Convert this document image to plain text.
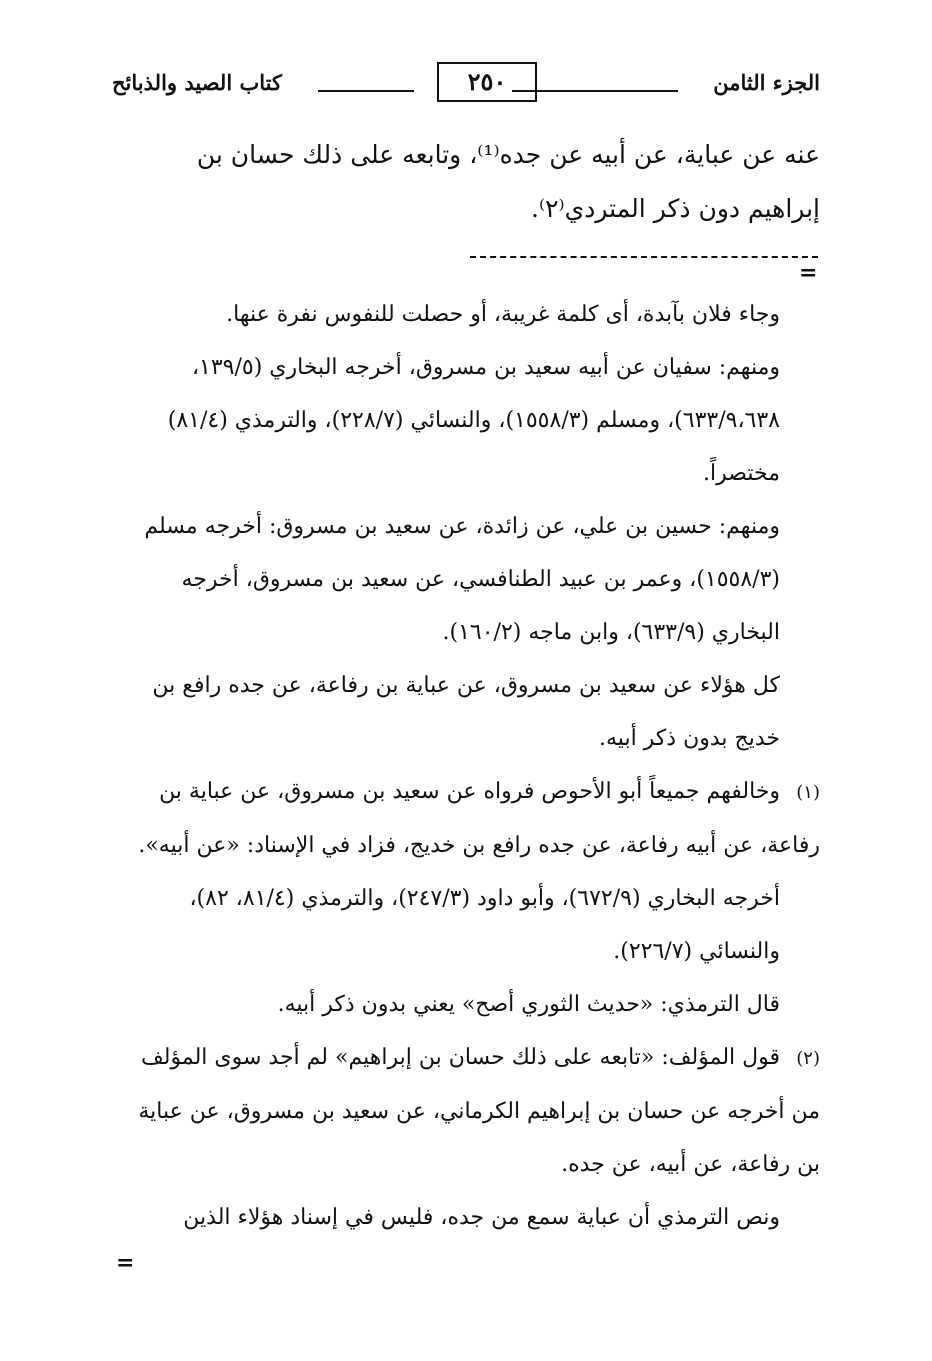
الجزء الثامن
٢٥٠
كتاب الصيد والذبائح

عنه عن عباية، عن أبيه عن جده⁽¹⁾، وتابعه على ذلك حسان بن

إبراهيم دون ذكر المتردي⁽٢⁾.

=
وجاء فلان بآبدة، أى كلمة غريبة، أو حصلت للنفوس نفرة عنها.
ومنهم: سفيان عن أبيه سعيد بن مسروق، أخرجه البخاري (١٣٩/٥، ٦٣٣/٩،٦٣٨)، ومسلم (١٥٥٨/٣)، والنسائي (٢٢٨/٧)، والترمذي (٨١/٤) مختصراً.
ومنهم: حسين بن علي، عن زائدة، عن سعيد بن مسروق: أخرجه مسلم (١٥٥٨/٣)، وعمر بن عبيد الطنافسي، عن سعيد بن مسروق، أخرجه البخاري (٦٣٣/٩)، وابن ماجه (١٦٠/٢).
كل هؤلاء عن سعيد بن مسروق، عن عباية بن رفاعة، عن جده رافع بن خديج بدون ذكر أبيه.
(١)وخالفهم جميعاً أبو الأحوص فرواه عن سعيد بن مسروق، عن عباية بن رفاعة، عن أبيه رفاعة، عن جده رافع بن خديج، فزاد في الإسناد: «عن أبيه».
أخرجه البخاري (٦٧٢/٩)، وأبو داود (٢٤٧/٣)، والترمذي (٨١/٤، ٨٢)، والنسائي (٢٢٦/٧).
قال الترمذي: «حديث الثوري أصح» يعني بدون ذكر أبيه.
(٢)قول المؤلف: «تابعه على ذلك حسان بن إبراهيم» لم أجد سوى المؤلف من أخرجه عن حسان بن إبراهيم الكرماني، عن سعيد بن مسروق، عن عباية بن رفاعة، عن أبيه، عن جده.
ونص الترمذي أن عباية سمع من جده، فليس في إسناد هؤلاء الذين
=
